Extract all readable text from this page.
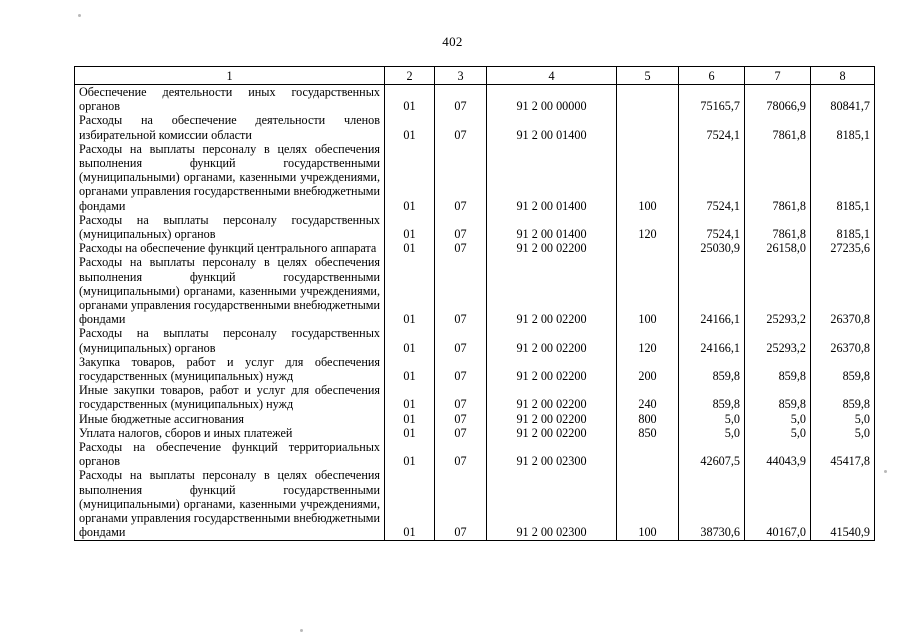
402
1	2	3	4	5	6	7	8
Обеспечение деятельности иных государственных органов	01	07	91 2 00 00000		75165,7	78066,9	80841,7
Расходы на обеспечение деятельности членов избирательной комиссии области	01	07	91 2 00 01400		7524,1	7861,8	8185,1
Расходы на выплаты персоналу в целях обеспечения выполнения функций государственными (муниципальными) органами, казенными учреждениями, органами управления государственными внебюджетными фондами	01	07	91 2 00 01400	100	7524,1	7861,8	8185,1
Расходы на выплаты персоналу государственных (муниципальных) органов	01	07	91 2 00 01400	120	7524,1	7861,8	8185,1
Расходы на обеспечение функций центрального аппарата	01	07	91 2 00 02200		25030,9	26158,0	27235,6
Расходы на выплаты персоналу в целях обеспечения выполнения функций государственными (муниципальными) органами, казенными учреждениями, органами управления государственными внебюджетными фондами	01	07	91 2 00 02200	100	24166,1	25293,2	26370,8
Расходы на выплаты персоналу государственных (муниципальных) органов	01	07	91 2 00 02200	120	24166,1	25293,2	26370,8
Закупка товаров, работ и услуг для обеспечения государственных (муниципальных) нужд	01	07	91 2 00 02200	200	859,8	859,8	859,8
Иные закупки товаров, работ и услуг для обеспечения государственных (муниципальных) нужд	01	07	91 2 00 02200	240	859,8	859,8	859,8
Иные бюджетные ассигнования	01	07	91 2 00 02200	800	5,0	5,0	5,0
Уплата налогов, сборов и иных платежей	01	07	91 2 00 02200	850	5,0	5,0	5,0
Расходы на обеспечение функций территориальных органов	01	07	91 2 00 02300		42607,5	44043,9	45417,8
Расходы на выплаты персоналу в целях обеспечения выполнения функций государственными (муниципальными) органами, казенными учреждениями, органами управления государственными внебюджетными фондами	01	07	91 2 00 02300	100	38730,6	40167,0	41540,9
